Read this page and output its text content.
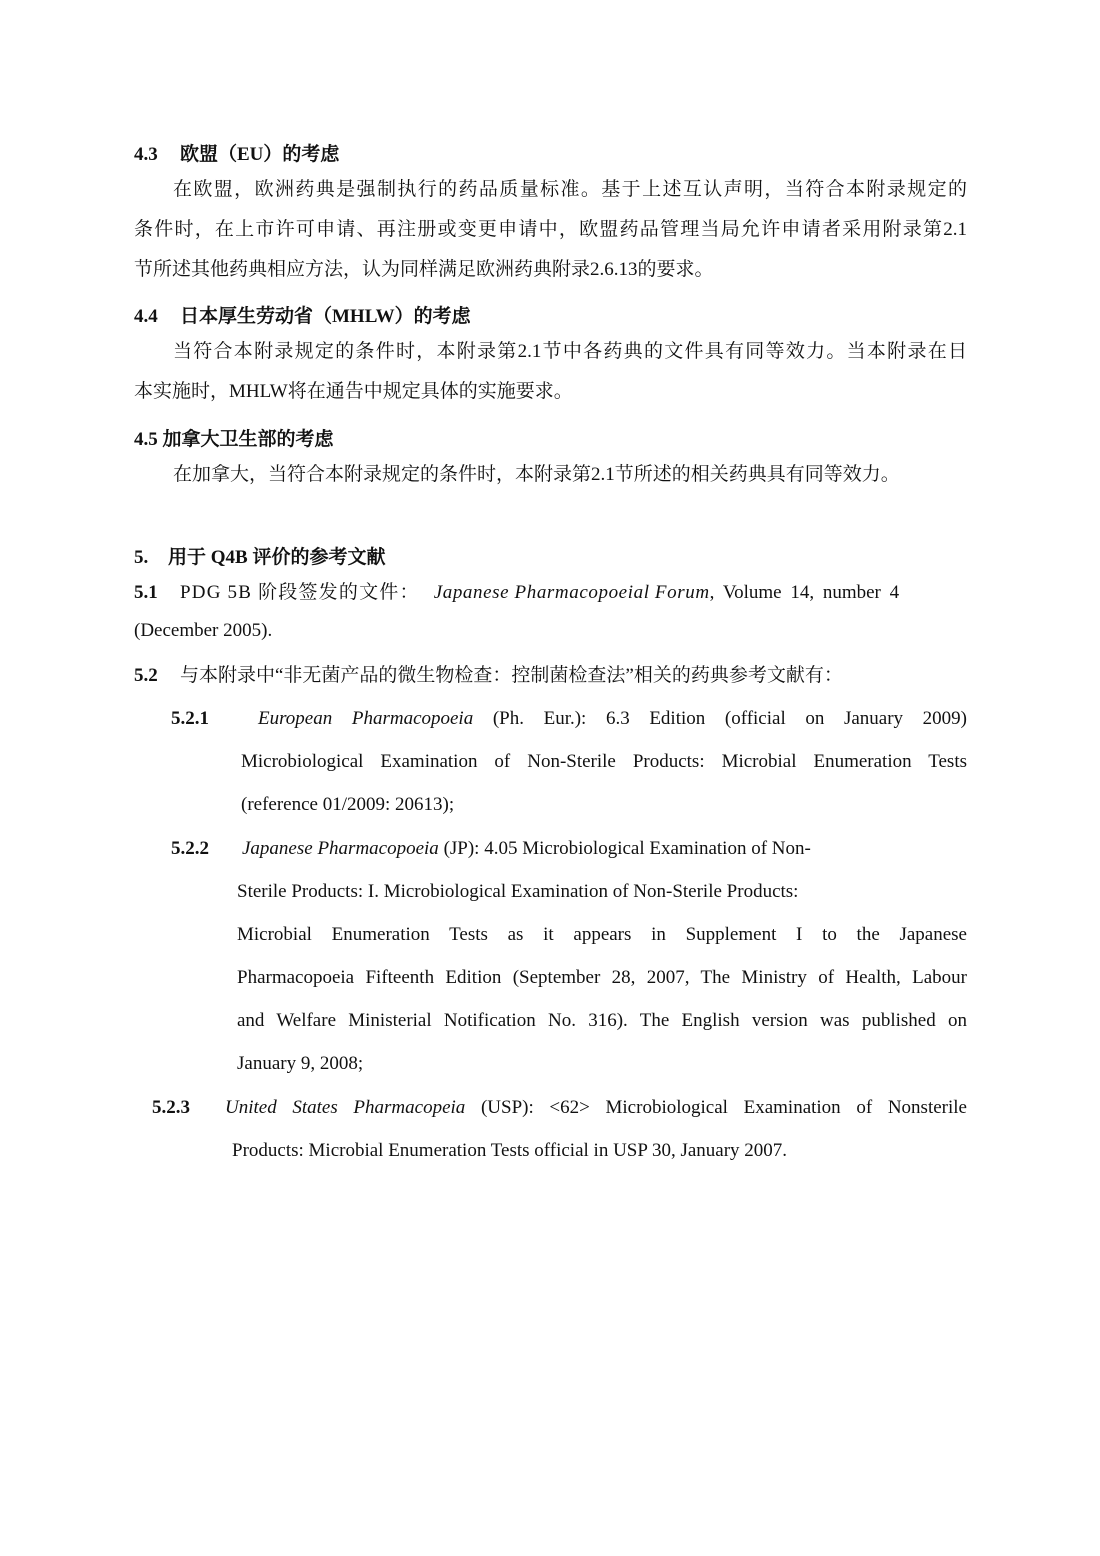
4.3 欧盟（EU）的考虑
在欧盟，欧洲药典是强制执行的药品质量标准。基于上述互认声明，当符合本附录规定的
条件时，在上市许可申请、再注册或变更申请中，欧盟药品管理当局允许申请者采用附录第2.1
节所述其他药典相应方法，认为同样满足欧洲药典附录2.6.13的要求。
4.4 日本厚生劳动省（MHLW）的考虑
当符合本附录规定的条件时，本附录第2.1节中各药典的文件具有同等效力。当本附录在日
本实施时，MHLW将在通告中规定具体的实施要求。
4.5 加拿大卫生部的考虑
在加拿大，当符合本附录规定的条件时，本附录第2.1节所述的相关药典具有同等效力。
5. 用于 Q4B 评价的参考文献
5.1 PDG 5B 阶段签发的文件： Japanese Pharmacopoeial Forum, Volume 14, number 4
(December 2005).
5.2 与本附录中“非无菌产品的微生物检查：控制菌检查法”相关的药典参考文献有：
5.2.1	European Pharmacopoeia (Ph. Eur.): 6.3 Edition (official on January 2009)
Microbiological Examination of Non-Sterile Products: Microbial Enumeration Tests
(reference 01/2009: 20613);
5.2.2 Japanese Pharmacopoeia (JP): 4.05 Microbiological Examination of Non-
Sterile Products: I. Microbiological Examination of Non-Sterile Products:
Microbial Enumeration Tests as it appears in Supplement I to the Japanese
Pharmacopoeia Fifteenth Edition (September 28, 2007, The Ministry of Health, Labour
and Welfare Ministerial Notification No. 316). The English version was published on
January 9, 2008;
5.2.3 United States Pharmacopeia (USP): <62> Microbiological Examination of Nonsterile
Products: Microbial Enumeration Tests official in USP 30, January 2007.
